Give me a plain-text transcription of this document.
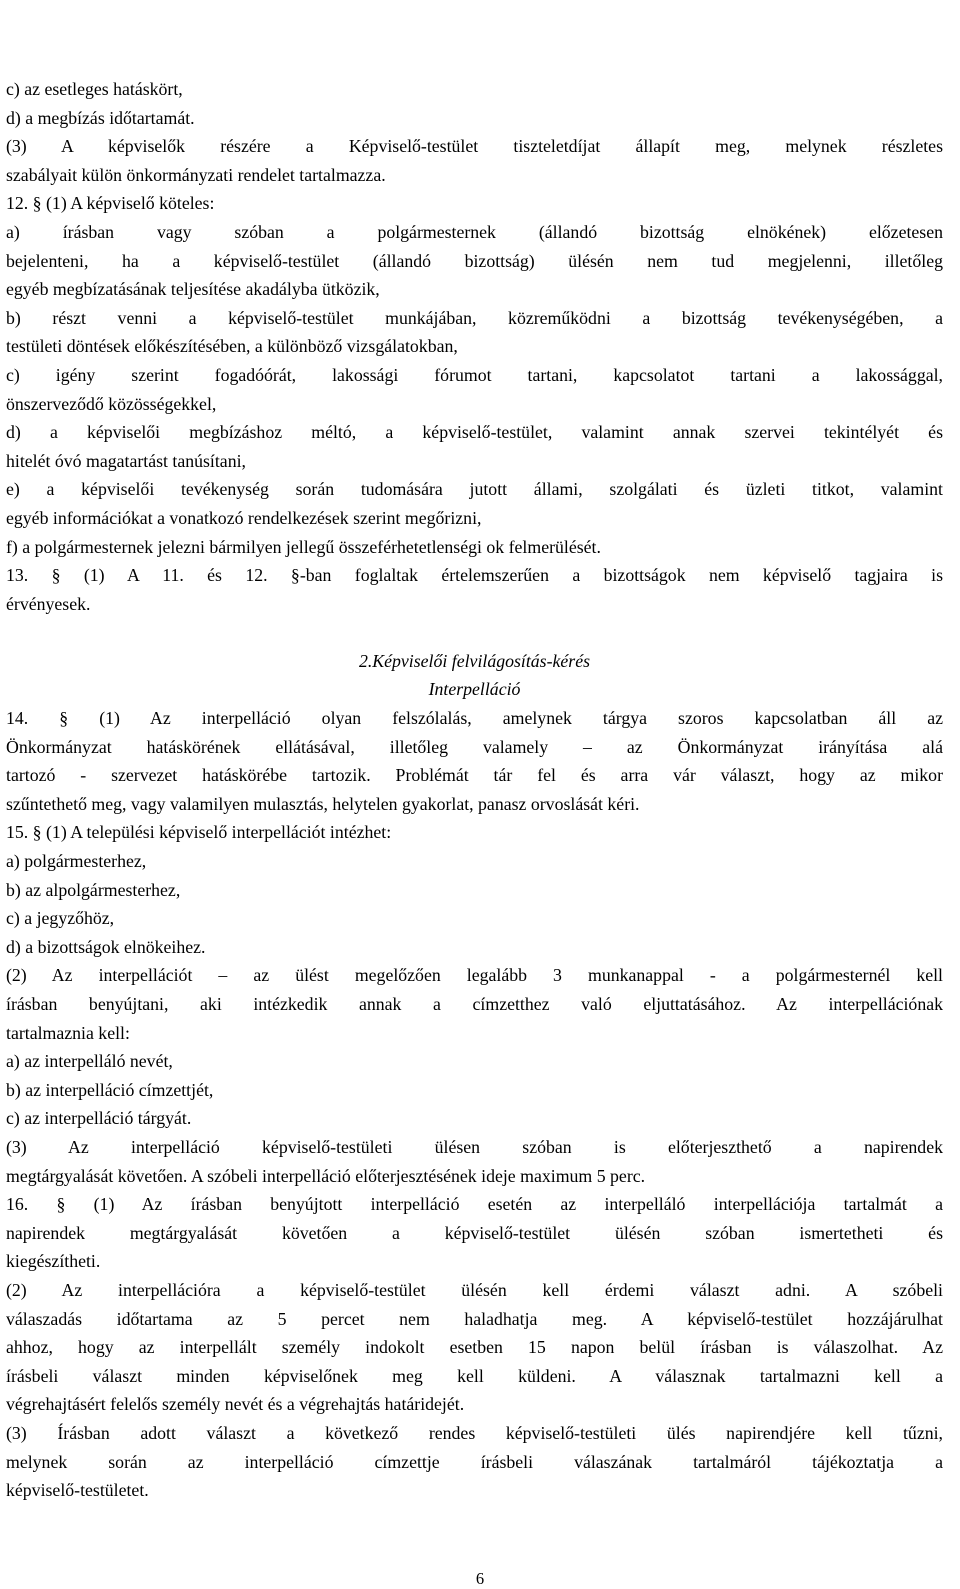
c) az esetleges hatáskört,
d) a megbízás időtartamát.
(3) A képviselők részére a Képviselő-testület tiszteletdíjat állapít meg, melynek részletes
szabályait külön önkormányzati rendelet tartalmazza.
12. § (1) A képviselő köteles:
a) írásban vagy szóban a polgármesternek (állandó bizottság elnökének) előzetesen
bejelenteni, ha a képviselő-testület (állandó bizottság) ülésén nem tud megjelenni, illetőleg
egyéb megbízatásának teljesítése akadályba ütközik,
b) részt venni a képviselő-testület munkájában, közreműködni a bizottság tevékenységében, a
testületi döntések előkészítésében, a különböző vizsgálatokban,
c) igény szerint fogadóórát, lakossági fórumot tartani, kapcsolatot tartani a lakossággal,
önszerveződő közösségekkel,
d) a képviselői megbízáshoz méltó, a képviselő-testület, valamint annak szervei tekintélyét és
hitelét óvó magatartást tanúsítani,
e) a képviselői tevékenység során tudomására jutott állami, szolgálati és üzleti titkot, valamint
egyéb információkat a vonatkozó rendelkezések szerint megőrizni,
f) a polgármesternek jelezni bármilyen jellegű összeférhetetlenségi ok felmerülését.
13. § (1) A 11. és 12. §-ban foglaltak értelemszerűen a bizottságok nem képviselő tagjaira is
érvényesek.
2.Képviselői felvilágosítás-kérés
Interpelláció
14. § (1) Az interpelláció olyan felszólalás, amelynek tárgya szoros kapcsolatban áll az
Önkormányzat hatáskörének ellátásával, illetőleg valamely – az Önkormányzat irányítása alá
tartozó - szervezet hatáskörébe tartozik. Problémát tár fel és arra vár választ, hogy az mikor
szűntethető meg, vagy valamilyen mulasztás, helytelen gyakorlat, panasz orvoslását kéri.
15. § (1) A települési képviselő interpellációt intézhet:
a) polgármesterhez,
b) az alpolgármesterhez,
c) a jegyzőhöz,
d) a bizottságok elnökeihez.
(2) Az interpellációt – az ülést megelőzően legalább 3 munkanappal - a polgármesternél kell
írásban benyújtani, aki intézkedik annak a címzetthez való eljuttatásához. Az interpellációnak
tartalmaznia kell:
a) az interpelláló nevét,
b) az interpelláció címzettjét,
c) az interpelláció tárgyát.
(3) Az interpelláció képviselő-testületi ülésen szóban is előterjeszthető a napirendek
megtárgyalását követően. A szóbeli interpelláció előterjesztésének ideje maximum 5 perc.
16. § (1) Az írásban benyújtott interpelláció esetén az interpelláló interpellációja tartalmát a
napirendek megtárgyalását követően a képviselő-testület ülésén szóban ismertetheti és
kiegészítheti.
(2) Az interpellációra a képviselő-testület ülésén kell érdemi választ adni. A szóbeli
válaszadás időtartama az 5 percet nem haladhatja meg. A képviselő-testület hozzájárulhat
ahhoz, hogy az interpellált személy indokolt esetben 15 napon belül írásban is válaszolhat. Az
írásbeli választ minden képviselőnek meg kell küldeni. A válasznak tartalmazni kell a
végrehajtásért felelős személy nevét és a végrehajtás határidejét.
(3) Írásban adott választ a következő rendes képviselő-testületi ülés napirendjére kell tűzni,
melynek során az interpelláció címzettje írásbeli válaszának tartalmáról tájékoztatja a
képviselő-testületet.
6
